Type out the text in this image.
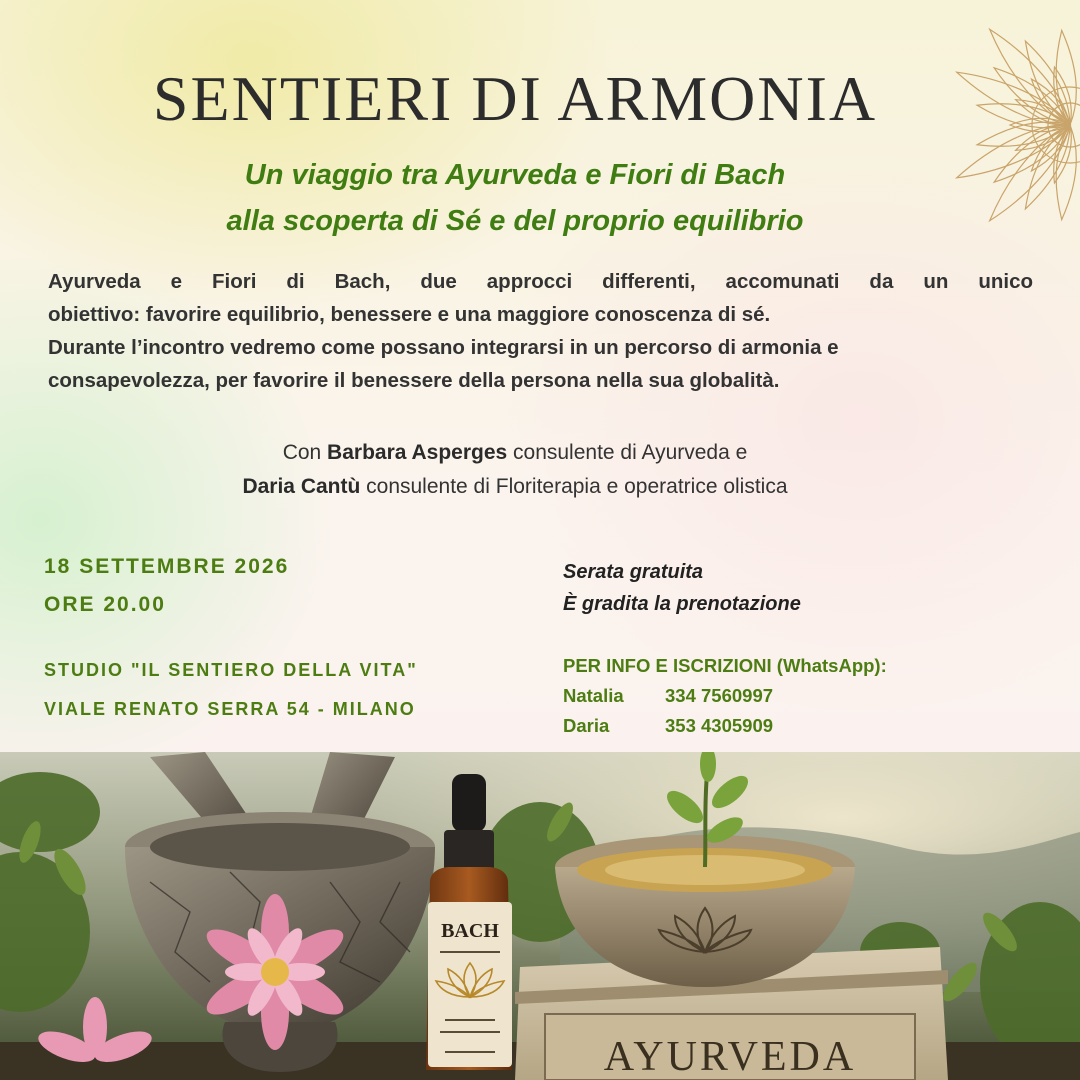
SENTIERI DI ARMONIA
Un viaggio tra Ayurveda e Fiori di Bach
alla scoperta di Sé e del proprio equilibrio

Ayurveda e Fiori di Bach, due approcci differenti, accomunati da un unico

obiettivo: favorire equilibrio, benessere e una maggiore conoscenza di sé.

Durante l’incontro vedremo come possano integrarsi in un percorso di armonia e

consapevolezza, per favorire il benessere della persona nella sua globalità.

Con Barbara Asperges consulente di Ayurveda e
Daria Cantù consulente di Floriterapia e operatrice olistica
18 SETTEMBRE 2026
ORE 20.00
STUDIO "IL SENTIERO DELLA VITA"
VIALE RENATO SERRA 54 - MILANO
Serata gratuita
È gradita la prenotazione
PER INFO E ISCRIZIONI (WhatsApp):
Natalia 334 7560997
Daria	353 4305909
BACH
AYURVEDA
